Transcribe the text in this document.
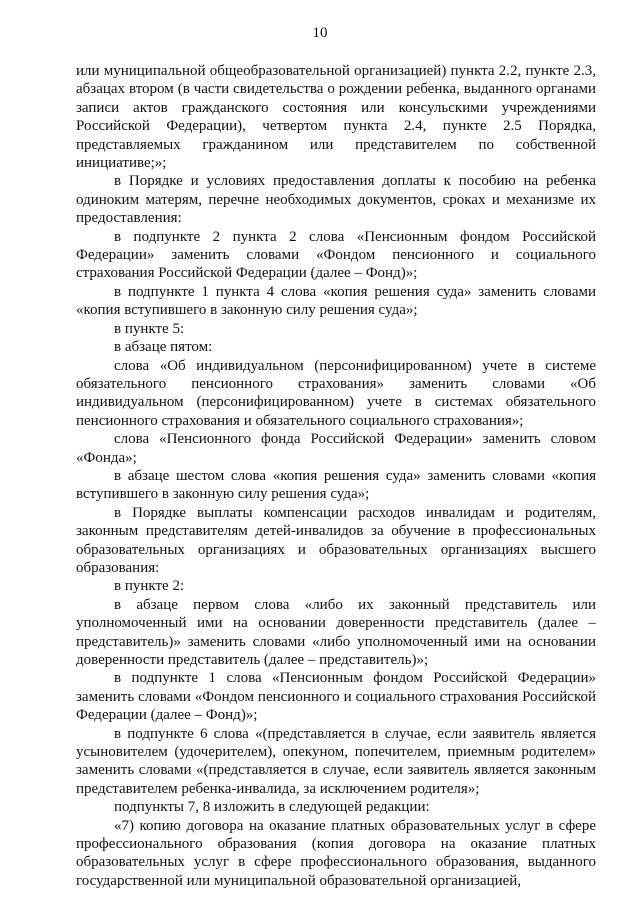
10

или муниципальной общеобразовательной организацией) пункта 2.2, пункте 2.3, абзацах втором (в части свидетельства о рождении ребенка, выданного органами записи актов гражданского состояния или консульскими учреждениями Российской Федерации), четвертом пункта 2.4, пункте 2.5 Порядка, представляемых гражданином или представителем по собственной инициативе;»;

в Порядке и условиях предоставления доплаты к пособию на ребенка одиноким матерям, перечне необходимых документов, сроках и механизме их предоставления:

в подпункте 2 пункта 2 слова «Пенсионным фондом Российской Федерации» заменить словами «Фондом пенсионного и социального страхования Российской Федерации (далее – Фонд)»;

в подпункте 1 пункта 4 слова «копия решения суда» заменить словами «копия вступившего в законную силу решения суда»;

в пункте 5:

в абзаце пятом:

слова «Об индивидуальном (персонифицированном) учете в системе обязательного пенсионного страхования» заменить словами «Об индивидуальном (персонифицированном) учете в системах обязательного пенсионного страхования и обязательного социального страхования»;

слова «Пенсионного фонда Российской Федерации» заменить словом «Фонда»;

в абзаце шестом слова «копия решения суда» заменить словами «копия вступившего в законную силу решения суда»;

в Порядке выплаты компенсации расходов инвалидам и родителям, законным представителям детей-инвалидов за обучение в профессиональных образовательных организациях и образовательных организациях высшего образования:

в пункте 2:

в абзаце первом слова «либо их законный представитель или уполномоченный ими на основании доверенности представитель (далее – представитель)» заменить словами «либо уполномоченный ими на основании доверенности представитель (далее – представитель)»;

в подпункте 1 слова «Пенсионным фондом Российской Федерации» заменить словами «Фондом пенсионного и социального страхования Российской Федерации (далее – Фонд)»;

в подпункте 6 слова «(представляется в случае, если заявитель является усыновителем (удочерителем), опекуном, попечителем, приемным родителем» заменить словами «(представляется в случае, если заявитель является законным представителем ребенка-инвалида, за исключением родителя»;

подпункты 7, 8 изложить в следующей редакции:

«7) копию договора на оказание платных образовательных услуг в сфере профессионального образования (копия договора на оказание платных образовательных услуг в сфере профессионального образования, выданного государственной или муниципальной образовательной организацией,
